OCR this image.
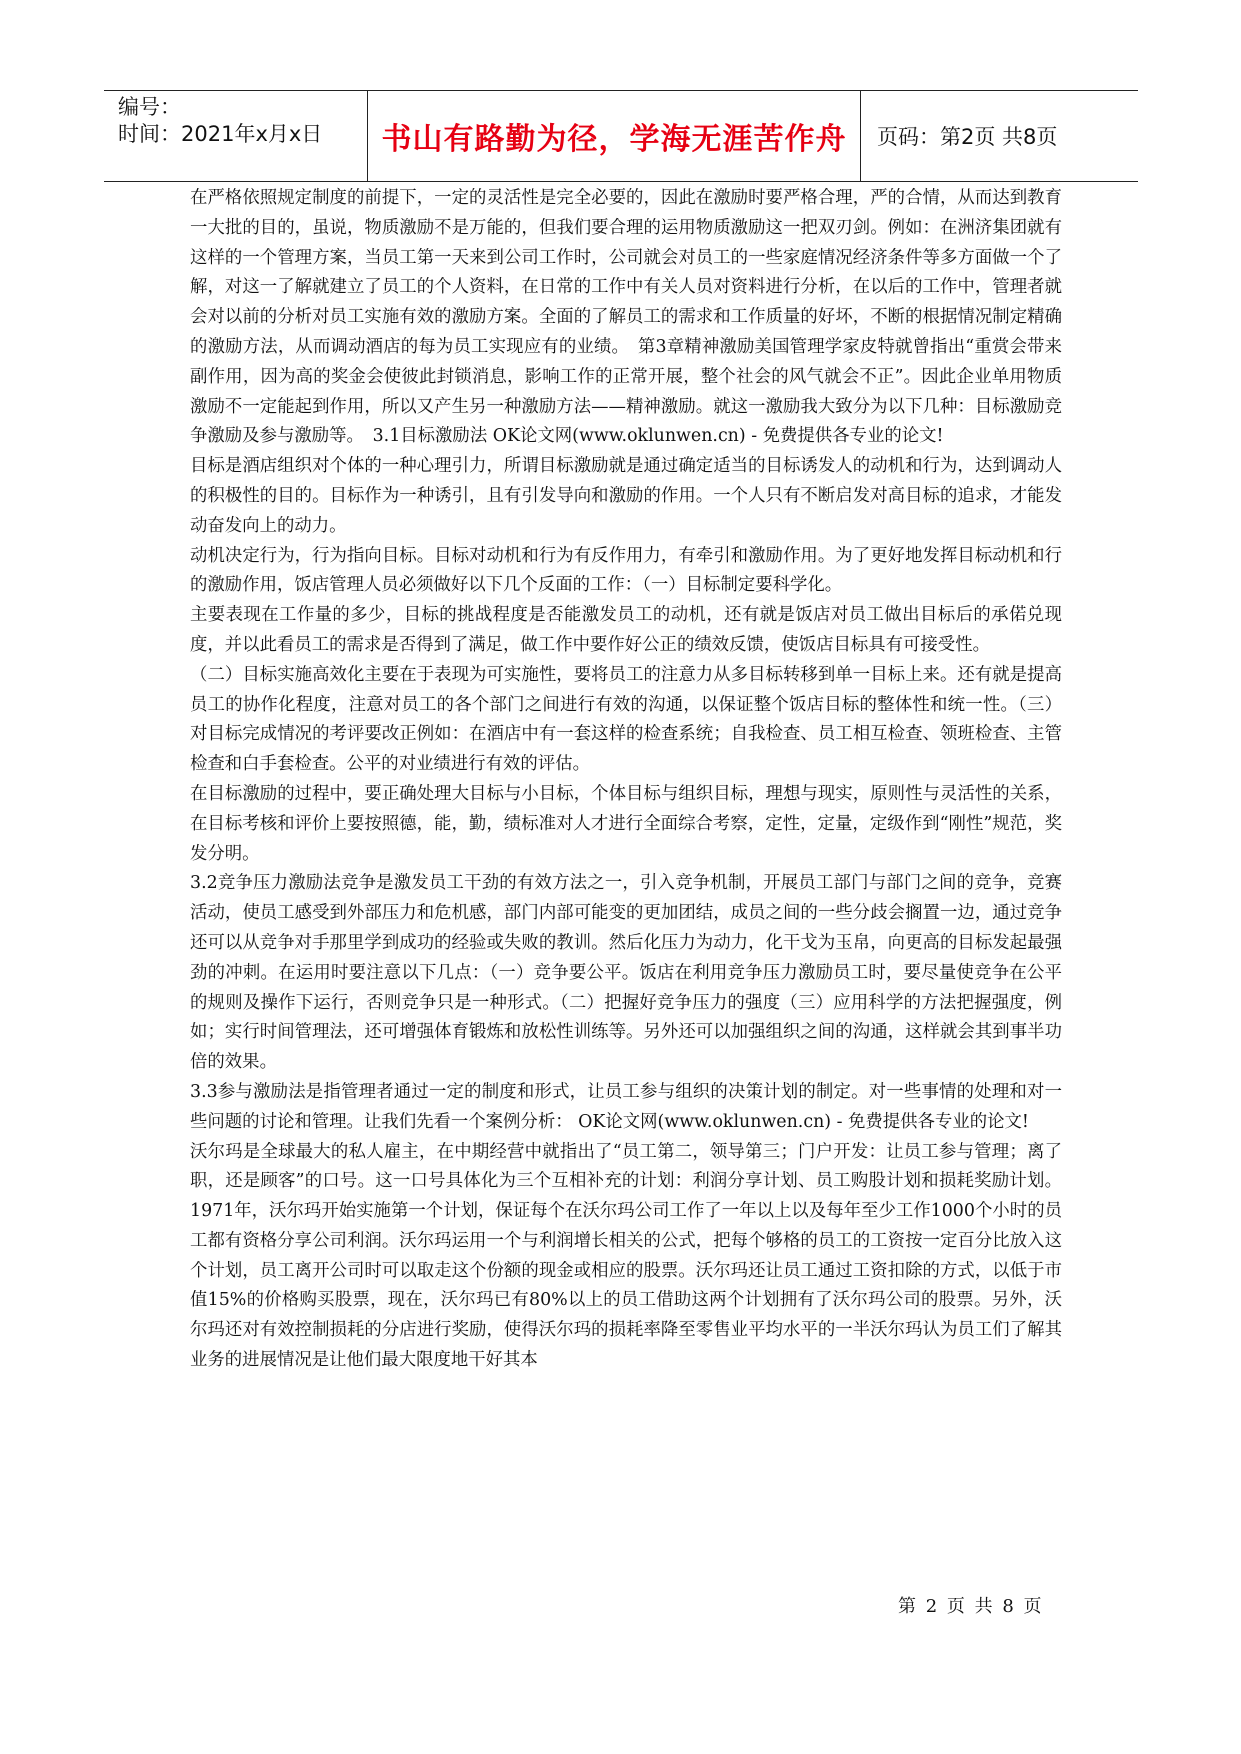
编号：
时间：2021年x月x日	书山有路勤为径，学海无涯苦作舟	页码：第2页 共8页

在严格依照规定制度的前提下，一定的灵活性是完全必要的，因此在激励时要严格合理，严的合情，从而达到教育一大批的目的，虽说，物质激励不是万能的，但我们要合理的运用物质激励这一把双刃剑。例如：在洲济集团就有这样的一个管理方案，当员工第一天来到公司工作时，公司就会对员工的一些家庭情况经济条件等多方面做一个了解，对这一了解就建立了员工的个人资料，在日常的工作中有关人员对资料进行分析，在以后的工作中，管理者就会对以前的分析对员工实施有效的激励方案。全面的了解员工的需求和工作质量的好坏，不断的根据情况制定精确的激励方法，从而调动酒店的每为员工实现应有的业绩。　第3章精神激励美国管理学家皮特就曾指出“重赏会带来副作用，因为高的奖金会使彼此封锁消息，影响工作的正常开展，整个社会的风气就会不正”。因此企业单用物质激励不一定能起到作用，所以又产生另一种激励方法——精神激励。就这一激励我大致分为以下几种：目标激励竞争激励及参与激励等。　3.1目标激励法 OK论文网(www.oklunwen.cn) - 免费提供各专业的论文!

目标是酒店组织对个体的一种心理引力，所谓目标激励就是通过确定适当的目标诱发人的动机和行为，达到调动人的积极性的目的。目标作为一种诱引，且有引发导向和激励的作用。一个人只有不断启发对高目标的追求，才能发动奋发向上的动力。

动机决定行为，行为指向目标。目标对动机和行为有反作用力，有牵引和激励作用。为了更好地发挥目标动机和行的激励作用，饭店管理人员必须做好以下几个反面的工作：（一）目标制定要科学化。

主要表现在工作量的多少，目标的挑战程度是否能激发员工的动机，还有就是饭店对员工做出目标后的承偌兑现度，并以此看员工的需求是否得到了满足，做工作中要作好公正的绩效反馈，使饭店目标具有可接受性。

（二）目标实施高效化主要在于表现为可实施性，要将员工的注意力从多目标转移到单一目标上来。还有就是提高员工的协作化程度，注意对员工的各个部门之间进行有效的沟通，以保证整个饭店目标的整体性和统一性。（三）对目标完成情况的考评要改正例如：在酒店中有一套这样的检查系统；自我检查、员工相互检查、领班检查、主管检查和白手套检查。公平的对业绩进行有效的评估。

在目标激励的过程中，要正确处理大目标与小目标，个体目标与组织目标，理想与现实，原则性与灵活性的关系，在目标考核和评价上要按照德，能，勤，绩标准对人才进行全面综合考察，定性，定量，定级作到“刚性”规范，奖发分明。

3.2竞争压力激励法竞争是激发员工干劲的有效方法之一，引入竞争机制，开展员工部门与部门之间的竞争，竞赛活动，使员工感受到外部压力和危机感，部门内部可能变的更加团结，成员之间的一些分歧会搁置一边，通过竞争还可以从竞争对手那里学到成功的经验或失败的教训。然后化压力为动力，化干戈为玉帛，向更高的目标发起最强劲的冲刺。在运用时要注意以下几点：（一）竞争要公平。饭店在利用竞争压力激励员工时，要尽量使竞争在公平的规则及操作下运行，否则竞争只是一种形式。（二）把握好竞争压力的强度（三）应用科学的方法把握强度，例如；实行时间管理法，还可增强体育锻炼和放松性训练等。另外还可以加强组织之间的沟通，这样就会其到事半功倍的效果。

3.3参与激励法是指管理者通过一定的制度和形式，让员工参与组织的决策计划的制定。对一些事情的处理和对一些问题的讨论和管理。让我们先看一个案例分析： OK论文网(www.oklunwen.cn) - 免费提供各专业的论文!

沃尔玛是全球最大的私人雇主，在中期经营中就指出了“员工第二，领导第三；门户开发：让员工参与管理；离了职，还是顾客”的口号。这一口号具体化为三个互相补充的计划：利润分享计划、员工购股计划和损耗奖励计划。1971年，沃尔玛开始实施第一个计划，保证每个在沃尔玛公司工作了一年以上以及每年至少工作1000个小时的员工都有资格分享公司利润。沃尔玛运用一个与利润增长相关的公式，把每个够格的员工的工资按一定百分比放入这个计划，员工离开公司时可以取走这个份额的现金或相应的股票。沃尔玛还让员工通过工资扣除的方式，以低于市值15%的价格购买股票，现在，沃尔玛已有80%以上的员工借助这两个计划拥有了沃尔玛公司的股票。另外，沃尔玛还对有效控制损耗的分店进行奖励，使得沃尔玛的损耗率降至零售业平均水平的一半沃尔玛认为员工们了解其业务的进展情况是让他们最大限度地干好其本

第 2 页 共 8 页
